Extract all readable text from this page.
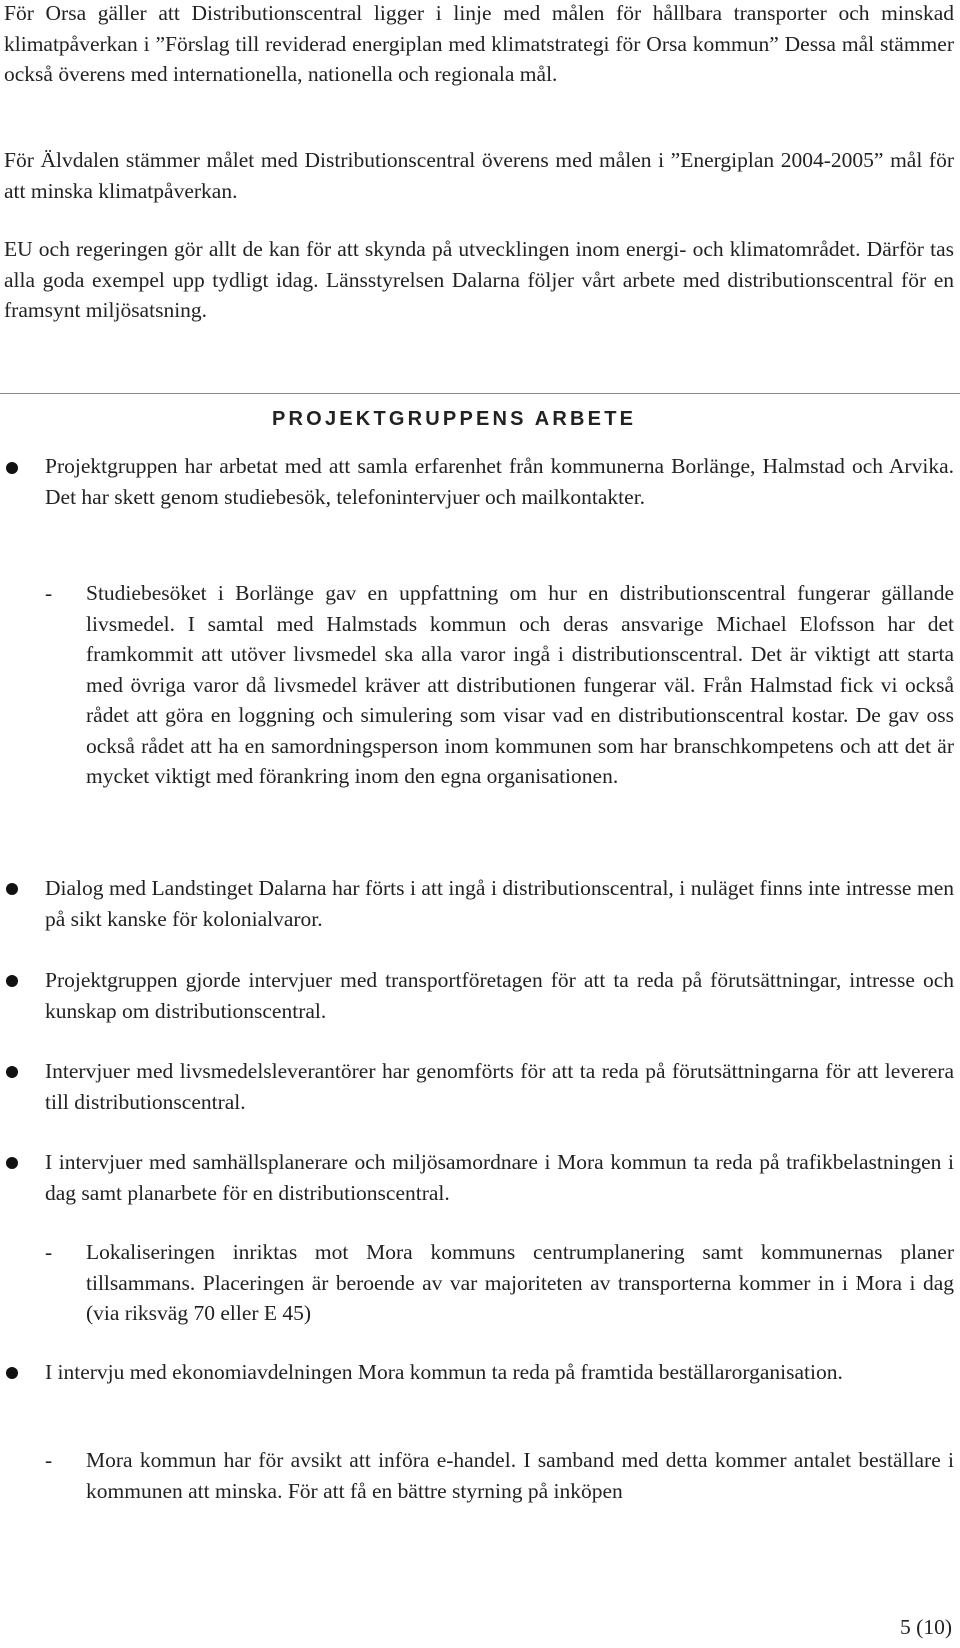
För Orsa gäller att Distributionscentral ligger i linje med målen för hållbara transporter och minskad klimatpåverkan i ”Förslag till reviderad energiplan med klimatstrategi för Orsa kommun” Dessa mål stämmer också överens med internationella, nationella och regionala mål.

För Älvdalen stämmer målet med Distributionscentral överens med målen i ”Energiplan 2004-2005” mål för att minska klimatpåverkan.

EU och regeringen gör allt de kan för att skynda på utvecklingen inom energi- och klimatområdet. Därför tas alla goda exempel upp tydligt idag. Länsstyrelsen Dalarna följer vårt arbete med distributionscentral för en framsynt miljösatsning.

PROJEKTGRUPPENS ARBETE

Projektgruppen har arbetat med att samla erfarenhet från kommunerna Borlänge, Halmstad och Arvika. Det har skett genom studiebesök, telefonintervjuer och mailkontakter.

- Studiebesöket i Borlänge gav en uppfattning om hur en distributionscentral fungerar gällande livsmedel. I samtal med Halmstads kommun och deras ansvarige Michael Elofsson har det framkommit att utöver livsmedel ska alla varor ingå i distributionscentral. Det är viktigt att starta med övriga varor då livsmedel kräver att distributionen fungerar väl. Från Halmstad fick vi också rådet att göra en loggning och simulering som visar vad en distributionscentral kostar. De gav oss också rådet att ha en samordningsperson inom kommunen som har branschkompetens och att det är mycket viktigt med förankring inom den egna organisationen.

Dialog med Landstinget Dalarna har förts i att ingå i distributionscentral, i nuläget finns inte intresse men på sikt kanske för kolonialvaror.

Projektgruppen gjorde intervjuer med transportföretagen för att ta reda på förutsättningar, intresse och kunskap om distributionscentral.

Intervjuer med livsmedelsleverantörer har genomförts för att ta reda på förutsättningarna för att leverera till distributionscentral.

I intervjuer med samhällsplanerare och miljösamordnare i Mora kommun ta reda på trafikbelastningen i dag samt planarbete för en distributionscentral.

- Lokaliseringen inriktas mot Mora kommuns centrumplanering samt kommunernas planer tillsammans. Placeringen är beroende av var majoriteten av transporterna kommer in i Mora i dag (via riksväg 70 eller E 45)

I intervju med ekonomiavdelningen Mora kommun ta reda på framtida beställarorganisation.

- Mora kommun har för avsikt att införa e-handel. I samband med detta kommer antalet beställare i kommunen att minska. För att få en bättre styrning på inköpen

5 (10)
